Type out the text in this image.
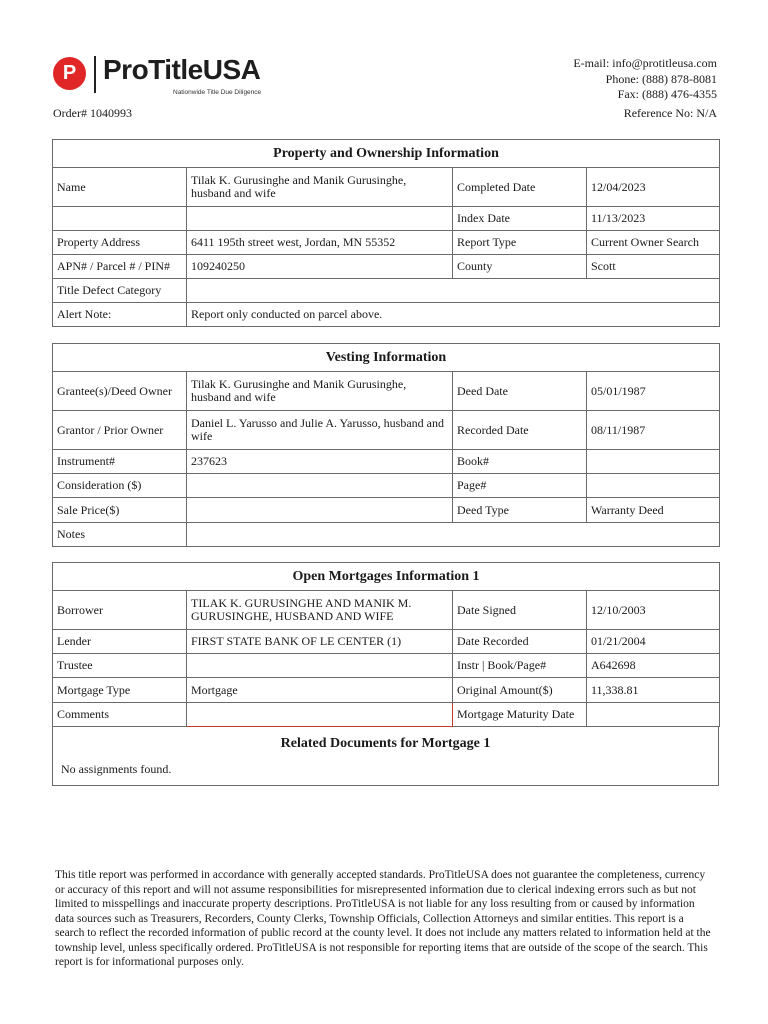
P ProTitleUSA
Nationwide Title Due Diligence
E-mail: info@protitleusa.com
Phone: (888) 878-8081
Fax: (888) 476-4355
Order# 1040993	Reference No: N/A
Property and Ownership Information			
Name	Tilak K. Gurusinghe and Manik Gurusinghe, husband and wife	Completed Date	12/04/2023
		Index Date	11/13/2023
Property Address	6411 195th street west, Jordan, MN 55352	Report Type	Current Owner Search
APN# / Parcel # / PIN#	109240250	County	Scott
Title Defect Category			
Alert Note:	Report only conducted on parcel above.		
Vesting Information			
Grantee(s)/Deed Owner	Tilak K. Gurusinghe and Manik Gurusinghe, husband and wife	Deed Date	05/01/1987
Grantor / Prior Owner	Daniel L. Yarusso and Julie A. Yarusso, husband and wife	Recorded Date	08/11/1987
Instrument#	237623	Book#	
Consideration ($)		Page#	
Sale Price($)		Deed Type	Warranty Deed
Notes			
Open Mortgages Information 1			
Borrower	TILAK K. GURUSINGHE AND MANIK M. GURUSINGHE, HUSBAND AND WIFE	Date Signed	12/10/2003
Lender	FIRST STATE BANK OF LE CENTER (1)	Date Recorded	01/21/2004
Trustee		Instr | Book/Page#	A642698
Mortgage Type	Mortgage	Original Amount($)	11,338.81
Comments		Mortgage Maturity Date	
Related Documents for Mortgage 1
No assignments found.
This title report was performed in accordance with generally accepted standards. ProTitleUSA does not guarantee the completeness, currency or accuracy of this report and will not assume responsibilities for misrepresented information due to clerical indexing errors such as but not limited to misspellings and inaccurate property descriptions. ProTitleUSA is not liable for any loss resulting from or caused by information data sources such as Treasurers, Recorders, County Clerks, Township Officials, Collection Attorneys and similar entities. This report is a search to reflect the recorded information of public record at the county level. It does not include any matters related to information held at the township level, unless specifically ordered. ProTitleUSA is not responsible for reporting items that are outside of the scope of the search. This report is for informational purposes only.
